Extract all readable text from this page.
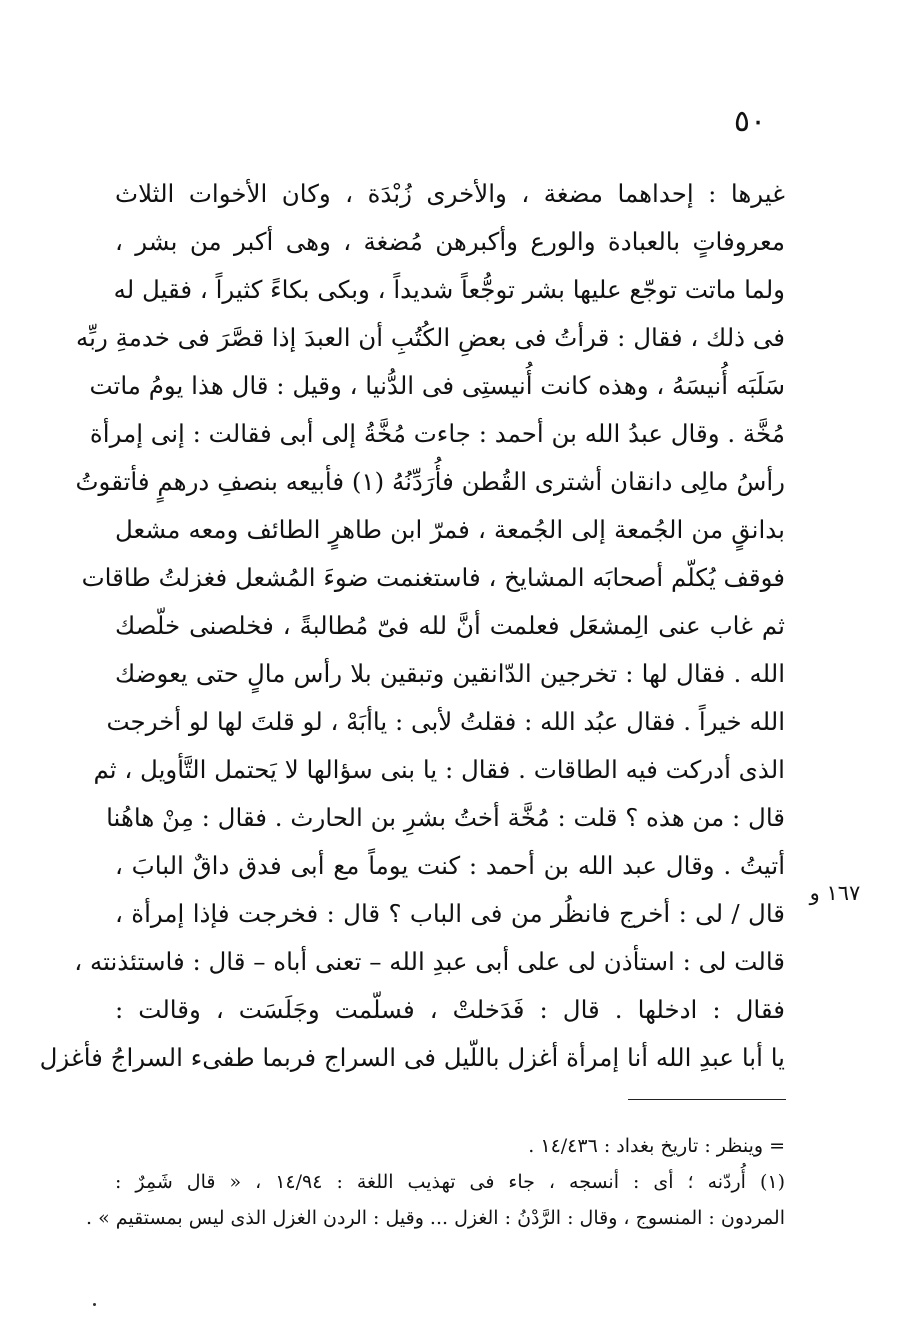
٥٠
غيرها : إحداهما مضغة ، والأخرى زُبْدَة ، وكان الأخوات الثلاث
معروفاتٍ بالعبادة والورع وأكبرهن مُضغة ، وهى أكبر من بشر ،
ولما ماتت توجّع عليها بشر توجُّعاً شديداً ، وبكى بكاءً كثيراً ، فقيل له
فى ذلك ، فقال : قرأتُ فى بعضِ الكُتُبِ أن العبدَ إذا قصَّرَ فى خدمةِ ربِّه
سَلَبَه أُنيسَهُ ، وهذه كانت أُنيستِى فى الدُّنيا ، وقيل : قال هذا يومُ ماتت
مُخَّة . وقال عبدُ الله بن أحمد : جاءت مُخَّةُ إلى أبى فقالت : إنى إمرأة
رأسُ مالِى دانقان أشترى القُطن فأُرَدِّنُهُ (١) فأبيعه بنصفِ درهمٍ فأتقوتُ
بدانقٍ من الجُمعة إلى الجُمعة ، فمرّ ابن طاهرٍ الطائف ومعه مشعل
فوقف يُكلّم أصحابَه المشايخ ، فاستغنمت ضوءَ المُشعل فغزلتُ طاقات
ثم غاب عنى الِمشعَل فعلمت أنَّ لله فىّ مُطالبةً ، فخلصنى خلّصك
الله . فقال لها : تخرجين الدّانقين وتبقين بلا رأس مالٍ حتى يعوضك
الله خيراً . فقال عبُد الله : فقلتُ لأبى : ياأبَهْ ، لو قلتَ لها لو أخرجت
الذى أدركت فيه الطاقات . فقال : يا بنى سؤالها لا يَحتمل التَّأويل ، ثم
قال : من هذه ؟ قلت : مُخَّة أختُ بشرِ بن الحارث . فقال : مِنْ هاهُنا
أتيتُ . وقال عبد الله بن أحمد : كنت يوماً مع أبى فدق داقٌ البابَ ،
قال / لى : أخرج فانظُر من فى الباب ؟ قال : فخرجت فإذا إمرأة ،
قالت لى : استأذن لى على أبى عبدِ الله – تعنى أباه – قال : فاستئذنته ،
فقال : ادخلها . قال : فَدَخلتْ ، فسلّمت وجَلَسَت ، وقالت :
يا أبا عبدِ الله أنا إمرأة أغزل باللّيل فى السراج فربما طفىء السراجُ فأغزل
١٦٧ و
= وينظر : تاريخ بغداد : ١٤/٤٣٦ .
(١) أُردّنه ؛ أى : أنسجه ، جاء فى تهذيب اللغة : ١٤/٩٤ ، « قال شَمِرٌ :
المردون : المنسوج ، وقال : الرَّدْنُ : الغزل ... وقيل : الردن الغزل الذى ليس بمستقيم » .
